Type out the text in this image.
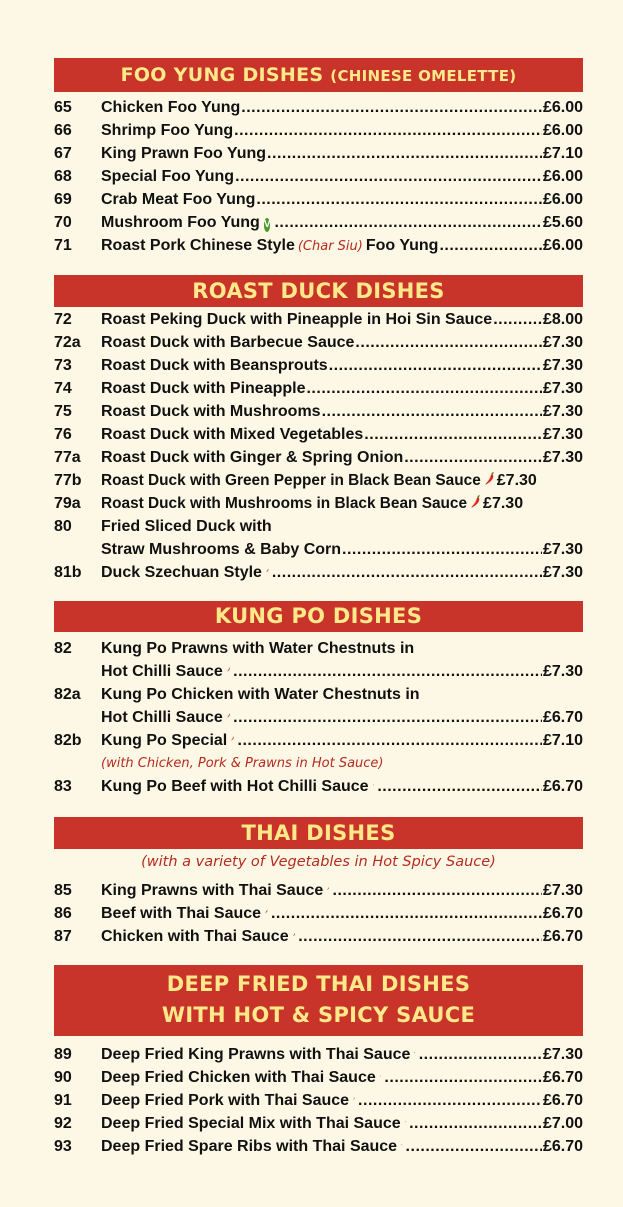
FOO YUNG DISHES (CHINESE OMELETTE)
65	Chicken Foo Yung .....	£6.00
66	Shrimp Foo Yung .....	£6.00
67	King Prawn Foo Yung .....	£7.10
68	Special Foo Yung .....	£6.00
69	Crab Meat Foo Yung .....	£6.00
70	Mushroom Foo Yung V .....	£5.60
71	Roast Pork Chinese Style (Char Siu) Foo Yung .....	£6.00
ROAST DUCK DISHES
72	Roast Peking Duck with Pineapple in Hoi Sin Sauce .....	£8.00
72a	Roast Duck with Barbecue Sauce .....	£7.30
73	Roast Duck with Beansprouts .....	£7.30
74	Roast Duck with Pineapple .....	£7.30
75	Roast Duck with Mushrooms .....	£7.30
76	Roast Duck with Mixed Vegetables .....	£7.30
77a	Roast Duck with Ginger & Spring Onion .....	£7.30
77b	Roast Duck with Green Pepper in Black Bean Sauce £7.30
79a	Roast Duck with Mushrooms in Black Bean Sauce £7.30
80	Fried Sliced Duck with
Straw Mushrooms & Baby Corn .....	£7.30
81b	Duck Szechuan Style .....	£7.30
KUNG PO DISHES
82	Kung Po Prawns with Water Chestnuts in
Hot Chilli Sauce .....	£7.30
82a	Kung Po Chicken with Water Chestnuts in
Hot Chilli Sauce .....	£6.70
82b	Kung Po Special .....	£7.10
(with Chicken, Pork & Prawns in Hot Sauce)
83	Kung Po Beef with Hot Chilli Sauce .....	£6.70
THAI DISHES
(with a variety of Vegetables in Hot Spicy Sauce)
85	King Prawns with Thai Sauce .....	£7.30
86	Beef with Thai Sauce .....	£6.70
87	Chicken with Thai Sauce .....	£6.70
DEEP FRIED THAI DISHES
WITH HOT & SPICY SAUCE
89	Deep Fried King Prawns with Thai Sauce .....	£7.30
90	Deep Fried Chicken with Thai Sauce .....	£6.70
91	Deep Fried Pork with Thai Sauce .....	£6.70
92	Deep Fried Special Mix with Thai Sauce .....	£7.00
93	Deep Fried Spare Ribs with Thai Sauce .....	£6.70
